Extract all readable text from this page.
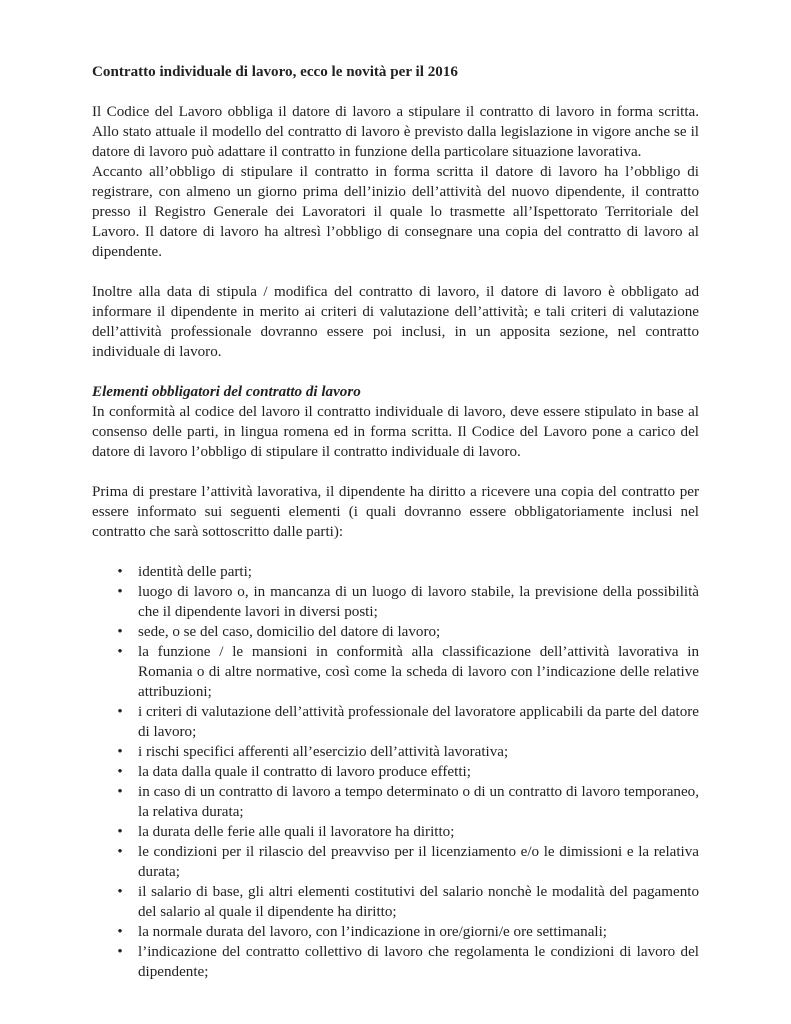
Contratto individuale di lavoro, ecco le novità per il 2016

Il Codice del Lavoro obbliga il datore di lavoro a stipulare il contratto di lavoro in forma scritta. Allo stato attuale il modello del contratto di lavoro è previsto dalla legislazione in vigore anche se il datore di lavoro può adattare il contratto in funzione della particolare situazione lavorativa.

Accanto all’obbligo di stipulare il contratto in forma scritta il datore di lavoro ha l’obbligo di registrare, con almeno un giorno prima dell’inizio dell’attività del nuovo dipendente, il contratto presso il Registro Generale dei Lavoratori il quale lo trasmette all’Ispettorato Territoriale del Lavoro. Il datore di lavoro ha altresì l’obbligo di consegnare una copia del contratto di lavoro al dipendente.

Inoltre alla data di stipula / modifica del contratto di lavoro, il datore di lavoro è obbligato ad informare il dipendente in merito ai criteri di valutazione dell’attività; e tali criteri di valutazione dell’attività professionale dovranno essere poi inclusi, in un apposita sezione, nel contratto individuale di lavoro.

Elementi obbligatori del contratto di lavoro

In conformità al codice del lavoro il contratto individuale di lavoro, deve essere stipulato in base al consenso delle parti, in lingua romena ed in forma scritta. Il Codice del Lavoro pone a carico del datore di lavoro l’obbligo di stipulare il contratto individuale di lavoro.

Prima di prestare l’attività lavorativa, il dipendente ha diritto a ricevere una copia del contratto per essere informato sui seguenti elementi (i quali dovranno essere obbligatoriamente inclusi nel contratto che sarà sottoscritto dalle parti):

• identità delle parti;
• luogo di lavoro o, in mancanza di un luogo di lavoro stabile, la previsione della possibilità che il dipendente lavori in diversi posti;
• sede, o se del caso, domicilio del datore di lavoro;
• la funzione / le mansioni in conformità alla classificazione dell’attività lavorativa in Romania o di altre normative, così come la scheda di lavoro con l’indicazione delle relative attribuzioni;
• i criteri di valutazione dell’attività professionale del lavoratore applicabili da parte del datore di lavoro;
• i rischi specifici afferenti all’esercizio dell’attività lavorativa;
• la data dalla quale il contratto di lavoro produce effetti;
• in caso di un contratto di lavoro a tempo determinato o di un contratto di lavoro temporaneo, la relativa durata;
• la durata delle ferie alle quali il lavoratore ha diritto;
• le condizioni per il rilascio del preavviso per il licenziamento e/o le dimissioni e la relativa durata;
• il salario di base, gli altri elementi costitutivi del salario nonchè le modalità del pagamento del salario al quale il dipendente ha diritto;
• la normale durata del lavoro, con l’indicazione in ore/giorni/e ore settimanali;
• l’indicazione del contratto collettivo di lavoro che regolamenta le condizioni di lavoro del dipendente;
